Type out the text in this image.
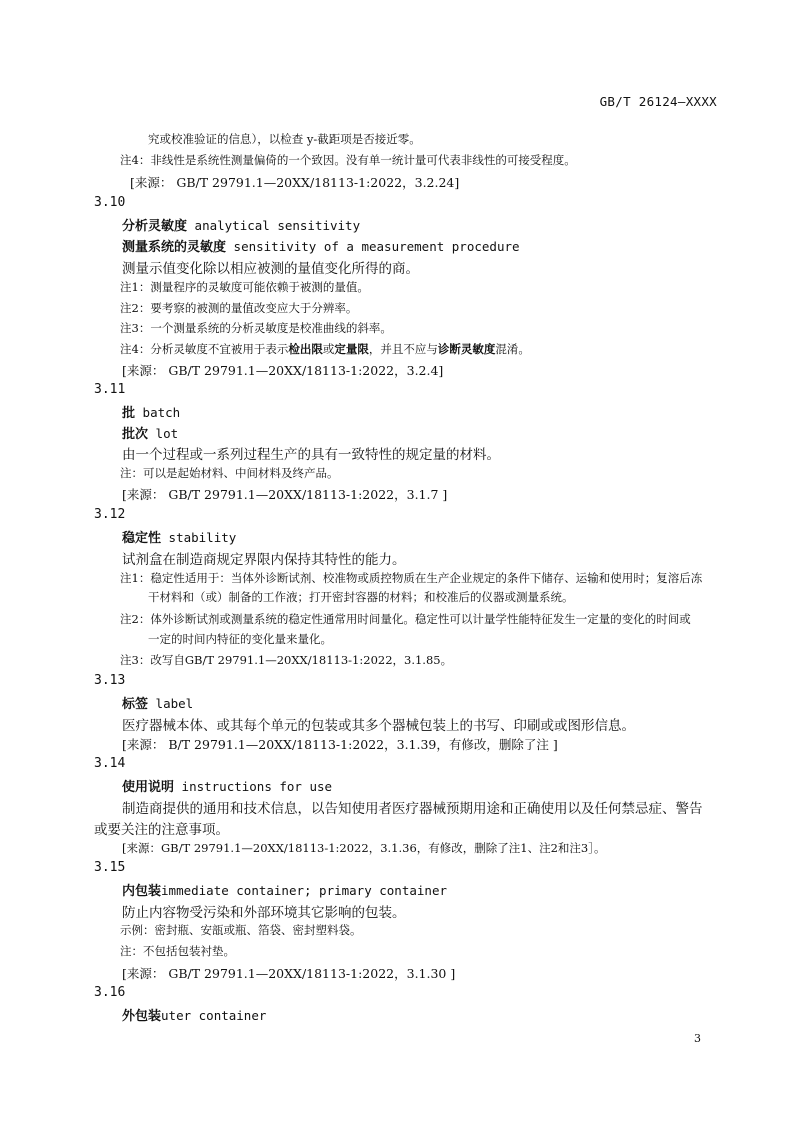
GB/T 26124—XXXX
究或校准验证的信息），以检查 y-截距项是否接近零。
注4：非线性是系统性测量偏倚的一个致因。没有单一统计量可代表非线性的可接受程度。
[来源： GB/T 29791.1—20XX/18113-1:2022，3.2.24]
3.10
分析灵敏度 analytical sensitivity
测量系统的灵敏度 sensitivity of a measurement procedure
测量示值变化除以相应被测的量值变化所得的商。
注1：测量程序的灵敏度可能依赖于被测的量值。
注2：要考察的被测的量值改变应大于分辨率。
注3：一个测量系统的分析灵敏度是校准曲线的斜率。
注4：分析灵敏度不宜被用于表示检出限或定量限，并且不应与诊断灵敏度混淆。
[来源： GB/T 29791.1—20XX/18113-1:2022，3.2.4]
3.11
批 batch
批次 lot
由一个过程或一系列过程生产的具有一致特性的规定量的材料。
注：可以是起始材料、中间材料及终产品。
[来源： GB/T 29791.1—20XX/18113-1:2022，3.1.7 ]
3.12
稳定性 stability
试剂盒在制造商规定界限内保持其特性的能力。
注1：稳定性适用于：当体外诊断试剂、校准物或质控物质在生产企业规定的条件下储存、运输和使用时；复溶后冻
干材料和（或）制备的工作液；打开密封容器的材料；和校准后的仪器或测量系统。
注2：体外诊断试剂或测量系统的稳定性通常用时间量化。稳定性可以计量学性能特征发生一定量的变化的时间或
一定的时间内特征的变化量来量化。
注3：改写自GB/T 29791.1—20XX/18113-1:2022，3.1.85。
3.13
标签 label
医疗器械本体、或其每个单元的包装或其多个器械包装上的书写、印刷或或图形信息。
[来源： B/T 29791.1—20XX/18113-1:2022，3.1.39，有修改，删除了注 ]
3.14
使用说明 instructions for use
制造商提供的通用和技术信息，以告知使用者医疗器械预期用途和正确使用以及任何禁忌症、警告
或要关注的注意事项。
[来源：GB/T 29791.1—20XX/18113-1:2022，3.1.36，有修改，删除了注1、注2和注3］。
3.15
内包装immediate container; primary container
防止内容物受污染和外部环境其它影响的包装。
示例：密封瓶、安瓿或瓶、箔袋、密封塑料袋。
注：不包括包装衬垫。
[来源： GB/T 29791.1—20XX/18113-1:2022，3.1.30 ]
3.16
外包装uter container
3
